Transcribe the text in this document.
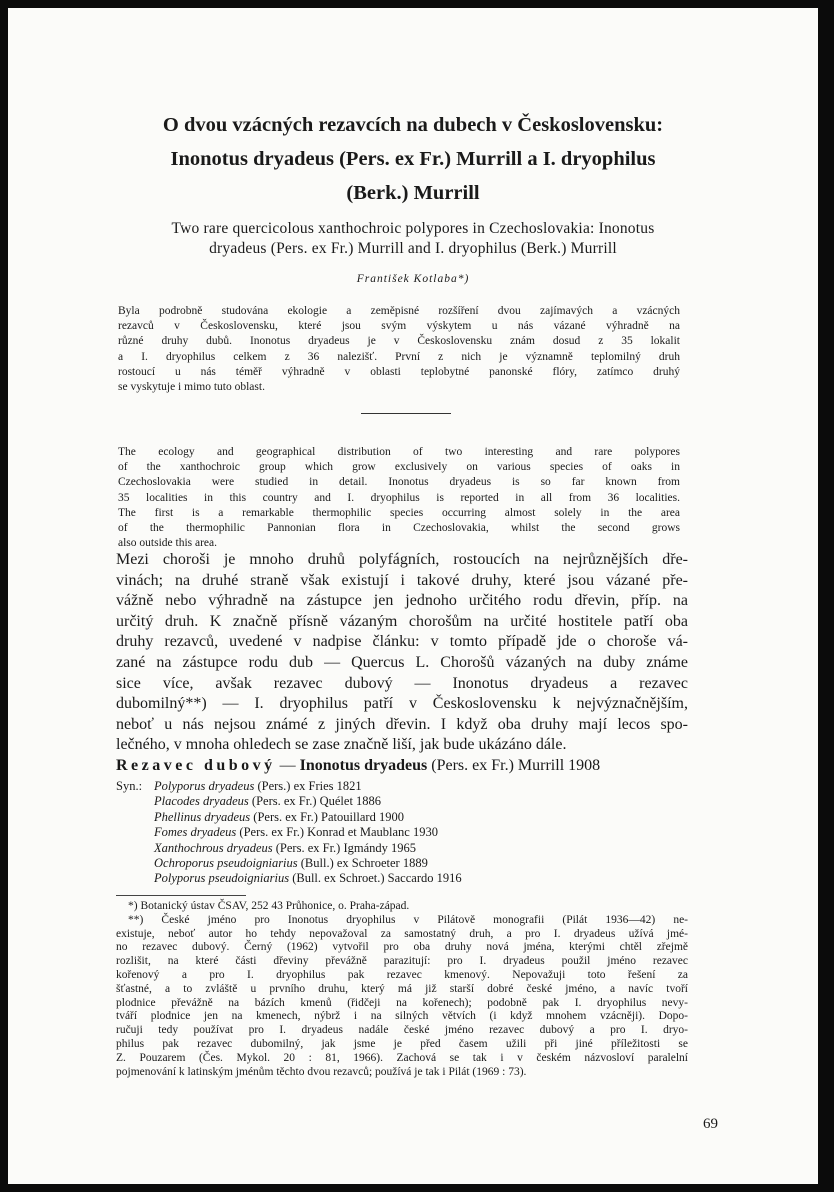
O dvou vzácných rezavcích na dubech v Československu:
Inonotus dryadeus (Pers. ex Fr.) Murrill a I. dryophilus
(Berk.) Murrill
Two rare quercicolous xanthochroic polypores in Czechoslovakia: Inonotus
dryadeus (Pers. ex Fr.) Murrill and I. dryophilus (Berk.) Murrill
František Kotlaba*)
Byla podrobně studována ekologie a zeměpisné rozšíření dvou zajímavých a vzácných
rezavců v Československu, které jsou svým výskytem u nás vázané výhradně na
různé druhy dubů. Inonotus dryadeus je v Československu znám dosud z 35 lokalit
a I. dryophilus celkem z 36 nalezišť. První z nich je významně teplomilný druh
rostoucí u nás téměř výhradně v oblasti teplobytné panonské flóry, zatímco druhý
se vyskytuje i mimo tuto oblast.
The ecology and geographical distribution of two interesting and rare polypores
of the xanthochroic group which grow exclusively on various species of oaks in
Czechoslovakia were studied in detail. Inonotus dryadeus is so far known from
35 localities in this country and I. dryophilus is reported in all from 36 localities.
The first is a remarkable thermophilic species occurring almost solely in the area
of the thermophilic Pannonian flora in Czechoslovakia, whilst the second grows
also outside this area.
Mezi choroši je mnoho druhů polyfágních, rostoucích na nejrůznějších dře-
vinách; na druhé straně však existují i takové druhy, které jsou vázané pře-
vážně nebo výhradně na zástupce jen jednoho určitého rodu dřevin, příp. na
určitý druh. K značně přísně vázaným chorošům na určité hostitele patří oba
druhy rezavců, uvedené v nadpise článku: v tomto případě jde o choroše vá-
zané na zástupce rodu dub — Quercus L. Chorošů vázaných na duby známe
sice více, avšak rezavec dubový — Inonotus dryadeus a rezavec
dubomilný**) — I. dryophilus patří v Československu k nejvýznačnějším,
neboť u nás nejsou známé z jiných dřevin. I když oba druhy mají lecos spo-
lečného, v mnoha ohledech se zase značně liší, jak bude ukázáno dále.
Rezavec dubový — Inonotus dryadeus (Pers. ex Fr.) Murrill 1908
Syn.: Polyporus dryadeus (Pers.) ex Fries 1821
Placodes dryadeus (Pers. ex Fr.) Quélet 1886
Phellinus dryadeus (Pers. ex Fr.) Patouillard 1900
Fomes dryadeus (Pers. ex Fr.) Konrad et Maublanc 1930
Xanthochrous dryadeus (Pers. ex Fr.) Igmándy 1965
Ochroporus pseudoigniarius (Bull.) ex Schroeter 1889
Polyporus pseudoigniarius (Bull. ex Schroet.) Saccardo 1916
*) Botanický ústav ČSAV, 252 43 Průhonice, o. Praha-západ.
**) České jméno pro Inonotus dryophilus v Pilátově monografii (Pilát 1936—42) ne-
existuje, neboť autor ho tehdy nepovažoval za samostatný druh, a pro I. dryadeus užívá jmé-
no rezavec dubový. Černý (1962) vytvořil pro oba druhy nová jména, kterými chtěl zřejmě
rozlišit, na které části dřeviny převážně parazitují: pro I. dryadeus použil jméno rezavec
kořenový a pro I. dryophilus pak rezavec kmenový. Nepovažuji toto řešení za
šťastné, a to zvláště u prvního druhu, který má již starší dobré české jméno, a navíc tvoří
plodnice převážně na bázích kmenů (řidčeji na kořenech); podobně pak I. dryophilus nevy-
tváří plodnice jen na kmenech, nýbrž i na silných větvích (i když mnohem vzácněji). Dopo-
ručuji tedy používat pro I. dryadeus nadále české jméno rezavec dubový a pro I. dryo-
philus pak rezavec dubomilný, jak jsme je před časem užili při jiné příležitosti se
Z. Pouzarem (Čes. Mykol. 20 : 81, 1966). Zachová se tak i v českém názvosloví paralelní
pojmenování k latinským jménům těchto dvou rezavců; používá je tak i Pilát (1969 : 73).
69
